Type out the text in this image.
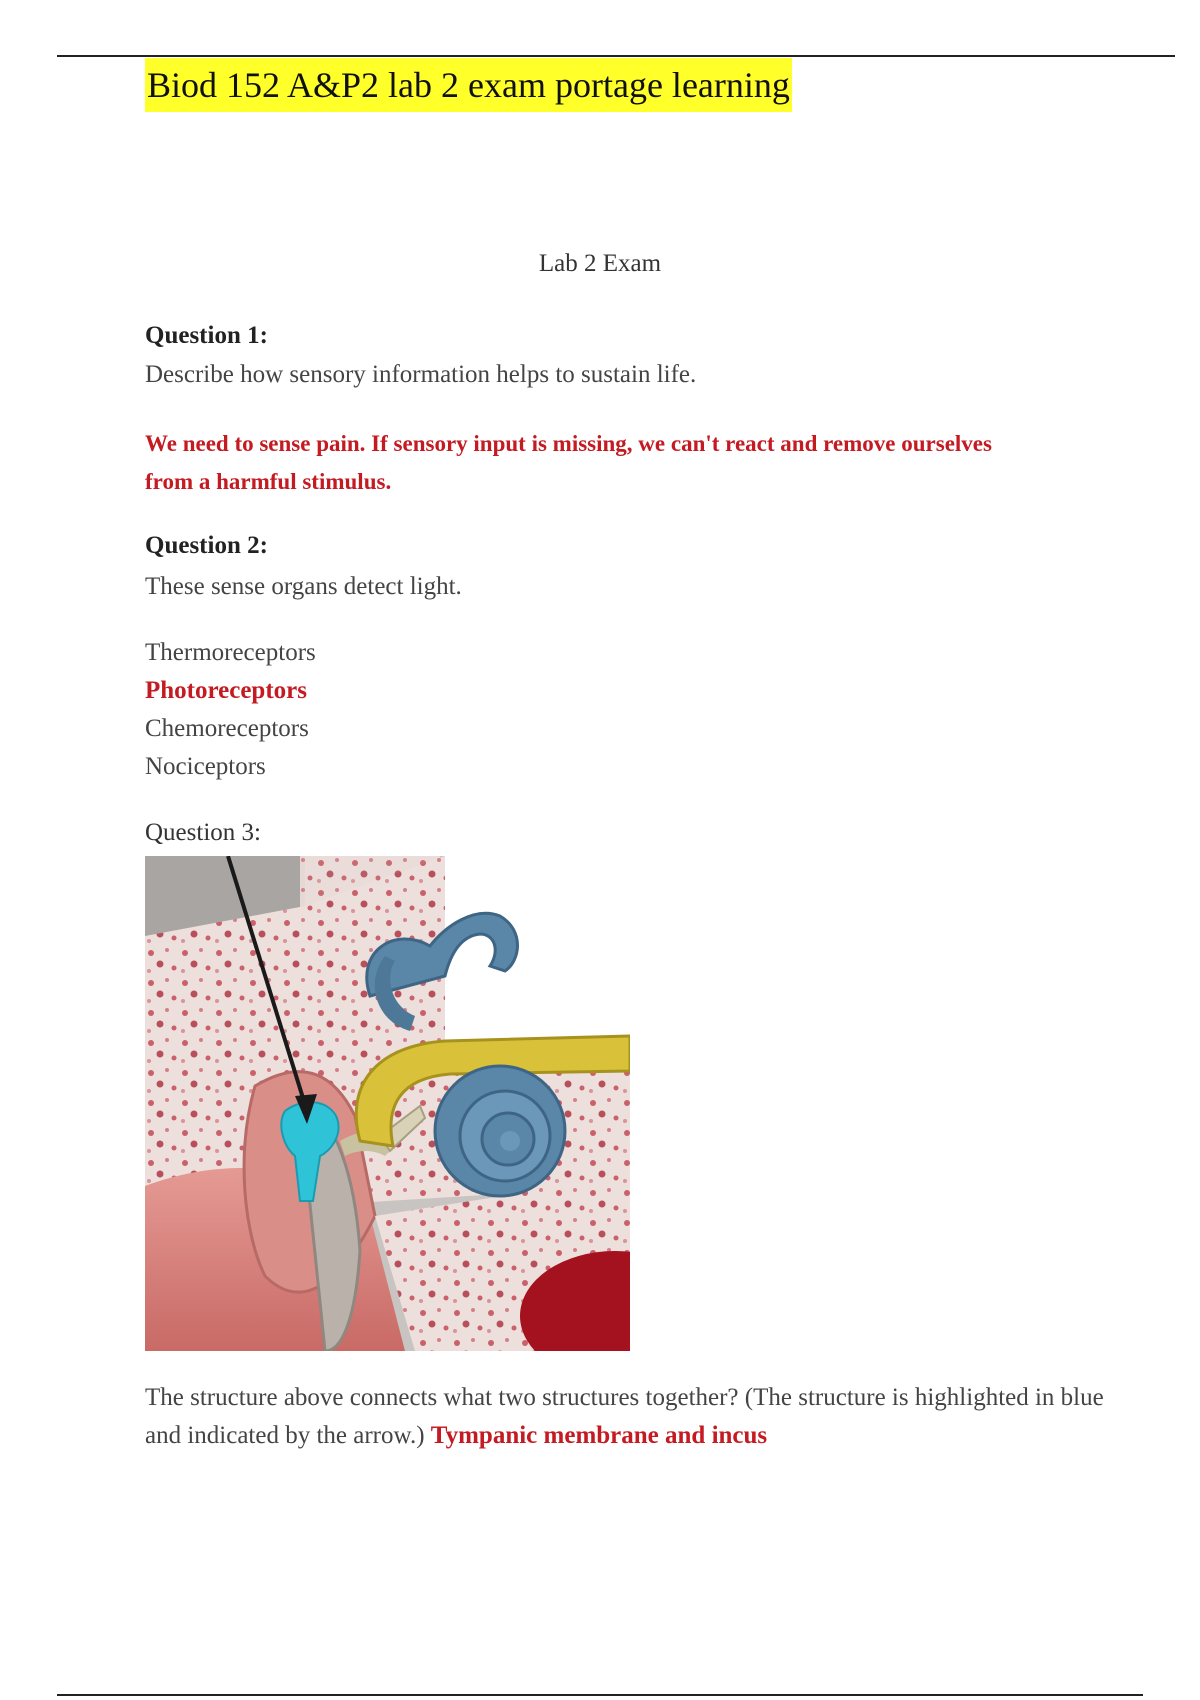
Biod 152 A&P2 lab 2 exam portage learning
Lab 2 Exam
Question 1:
Describe how sensory information helps to sustain life.
We need to sense pain. If sensory input is missing, we can't react and remove ourselves from a harmful stimulus.
Question 2:
These sense organs detect light.
Thermoreceptors
Photoreceptors
Chemoreceptors
Nociceptors
Question 3:
The structure above connects what two structures together? (The structure is highlighted in blue and indicated by the arrow.) Tympanic membrane and incus
